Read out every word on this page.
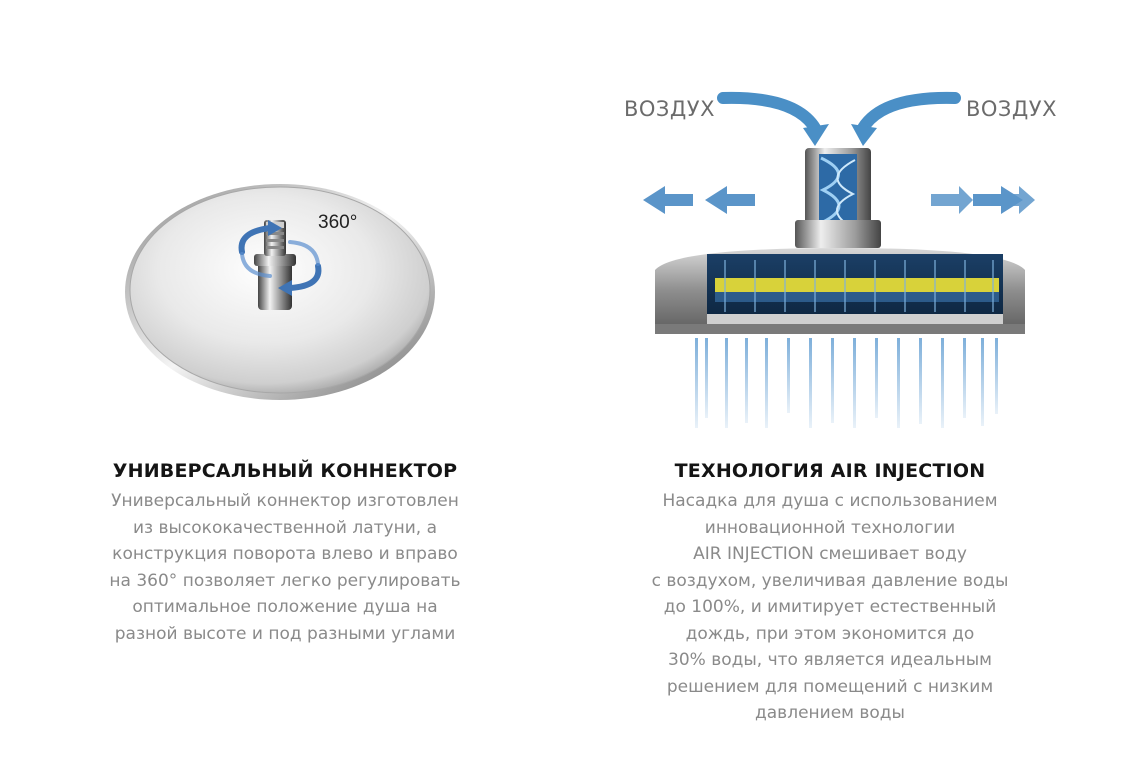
360°
ВОЗДУХ	ВОЗДУХ
УНИВЕРСАЛЬНЫЙ КОННЕКТОР
Универсальный коннектор изготовлен
из высококачественной латуни, а
конструкция поворота влево и вправо
на 360° позволяет легко регулировать
оптимальное положение душа на
разной высоте и под разными углами
ТЕХНОЛОГИЯ AIR INJECTION
Насадка для душа с использованием
инновационной технологии
AIR INJECTION смешивает воду
с воздухом, увеличивая давление воды
до 100%, и имитирует естественный
дождь, при этом экономится до
30% воды, что является идеальным
решением для помещений с низким
давлением воды
